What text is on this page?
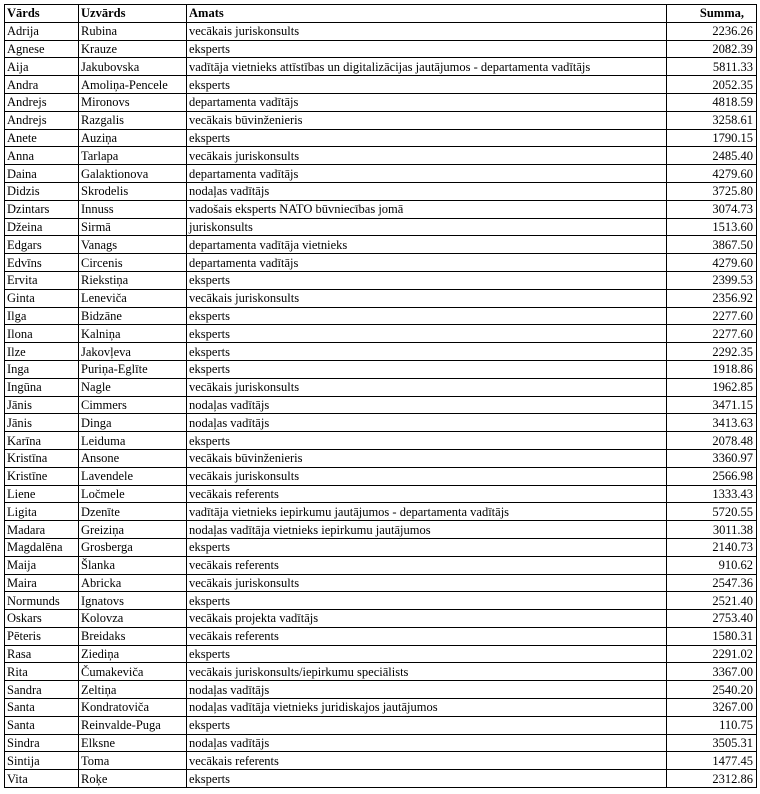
Vārds	Uzvārds	Amats	Summa,
Adrija	Rubina	vecākais juriskonsults	2236.26
Agnese	Krauze	eksperts	2082.39
Aija	Jakubovska	vadītāja vietnieks attīstības un digitalizācijas jautājumos - departamenta vadītājs	5811.33
Andra	Amoliņa-Pencele	eksperts	2052.35
Andrejs	Mironovs	departamenta vadītājs	4818.59
Andrejs	Razgalis	vecākais būvinženieris	3258.61
Anete	Auziņa	eksperts	1790.15
Anna	Tarlapa	vecākais juriskonsults	2485.40
Daina	Galaktionova	departamenta vadītājs	4279.60
Didzis	Skrodelis	nodaļas vadītājs	3725.80
Dzintars	Innuss	vadošais eksperts NATO būvniecības jomā	3074.73
Džeina	Sirmā	juriskonsults	1513.60
Edgars	Vanags	departamenta vadītāja vietnieks	3867.50
Edvīns	Circenis	departamenta vadītājs	4279.60
Ervita	Riekstiņa	eksperts	2399.53
Ginta	Leneviča	vecākais juriskonsults	2356.92
Ilga	Bidzāne	eksperts	2277.60
Ilona	Kalniņa	eksperts	2277.60
Ilze	Jakovļeva	eksperts	2292.35
Inga	Puriņa-Eglīte	eksperts	1918.86
Ingūna	Nagle	vecākais juriskonsults	1962.85
Jānis	Cimmers	nodaļas vadītājs	3471.15
Jānis	Dinga	nodaļas vadītājs	3413.63
Karīna	Leiduma	eksperts	2078.48
Kristīna	Ansone	vecākais būvinženieris	3360.97
Kristīne	Lavendele	vecākais juriskonsults	2566.98
Liene	Ločmele	vecākais referents	1333.43
Ligita	Dzenīte	vadītāja vietnieks iepirkumu jautājumos - departamenta vadītājs	5720.55
Madara	Greiziņa	nodaļas vadītāja vietnieks iepirkumu jautājumos	3011.38
Magdalēna	Grosberga	eksperts	2140.73
Maija	Šlanka	vecākais referents	910.62
Maira	Abricka	vecākais juriskonsults	2547.36
Normunds	Ignatovs	eksperts	2521.40
Oskars	Kolovza	vecākais projekta vadītājs	2753.40
Pēteris	Breidaks	vecākais referents	1580.31
Rasa	Ziediņa	eksperts	2291.02
Rita	Čumakeviča	vecākais juriskonsults/iepirkumu speciālists	3367.00
Sandra	Zeltiņa	nodaļas vadītājs	2540.20
Santa	Kondratoviča	nodaļas vadītāja vietnieks juridiskajos jautājumos	3267.00
Santa	Reinvalde-Puga	eksperts	110.75
Sindra	Elksne	nodaļas vadītājs	3505.31
Sintija	Toma	vecākais referents	1477.45
Vita	Roķe	eksperts	2312.86
